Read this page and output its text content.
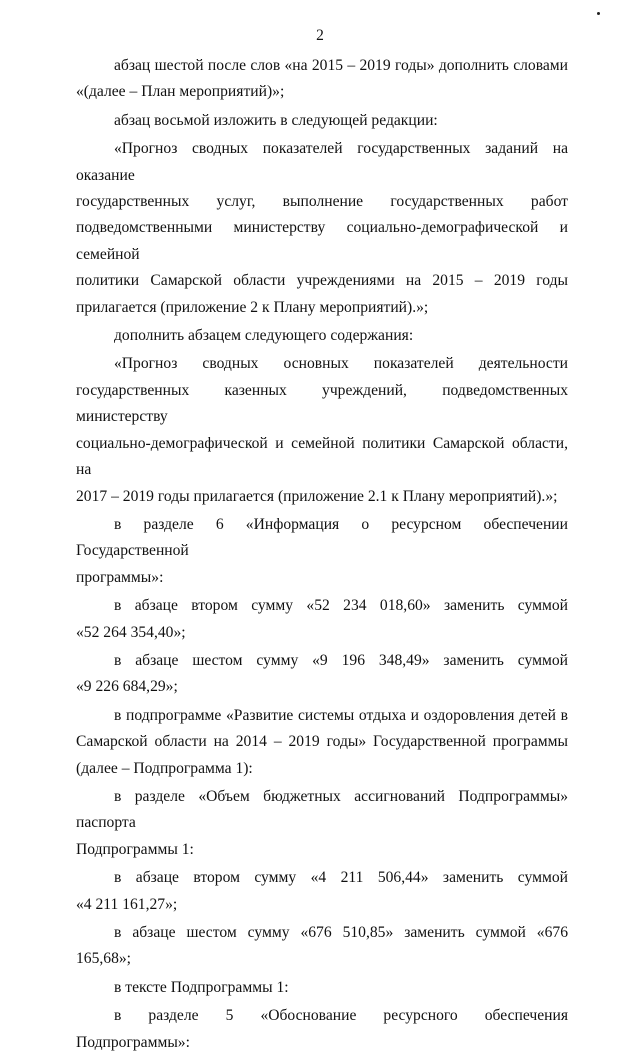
2

абзац шестой после слов «на 2015 – 2019 годы» дополнить словами

«(далее – План мероприятий)»;

абзац восьмой изложить в следующей редакции:

«Прогноз сводных показателей государственных заданий на оказание

государственных услуг, выполнение государственных работ

подведомственными министерству социально-демографической и семейной

политики Самарской области учреждениями на 2015 – 2019 годы

прилагается (приложение 2 к Плану мероприятий).»;

дополнить абзацем следующего содержания:

«Прогноз сводных основных показателей деятельности

государственных казенных учреждений, подведомственных министерству

социально-демографической и семейной политики Самарской области, на

2017 – 2019 годы прилагается (приложение 2.1 к Плану мероприятий).»;

в разделе 6 «Информация о ресурсном обеспечении Государственной

программы»:

в абзаце втором сумму «52 234 018,60» заменить суммой

«52 264 354,40»;

в абзаце шестом сумму «9 196 348,49» заменить суммой

«9 226 684,29»;

в подпрограмме «Развитие системы отдыха и оздоровления детей в

Самарской области на 2014 – 2019 годы» Государственной программы

(далее – Подпрограмма 1):

в разделе «Объем бюджетных ассигнований Подпрограммы» паспорта

Подпрограммы 1:

в абзаце втором сумму «4 211 506,44» заменить суммой

«4 211 161,27»;

в абзаце шестом сумму «676 510,85» заменить суммой «676 165,68»;

в тексте Подпрограммы 1:

в разделе 5 «Обоснование ресурсного обеспечения Подпрограммы»:
